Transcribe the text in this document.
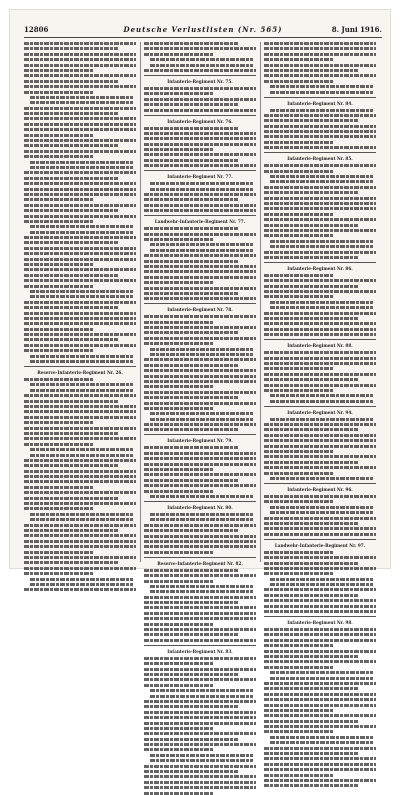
12806	Deutsche Verlustlisten (Nr. 565)	8. Juni 1916.
Reserve-Infanterie-Regiment Nr. 26.
Infanterie-Regiment Nr. 75.
Infanterie-Regiment Nr. 76.
Infanterie-Regiment Nr. 77.
Landwehr-Infanterie-Regiment Nr. 77.
Infanterie-Regiment Nr. 78.
Infanterie-Regiment Nr. 79.
Infanterie-Regiment Nr. 80.
Reserve-Infanterie-Regiment Nr. 82.
Infanterie-Regiment Nr. 83.
Infanterie-Regiment Nr. 84.
Infanterie-Regiment Nr. 85.
Infanterie-Regiment Nr. 86.
Infanterie-Regiment Nr. 88.
Infanterie-Regiment Nr. 94.
Infanterie-Regiment Nr. 96.
Landwehr-Infanterie-Regiment Nr. 97.
Infanterie-Regiment Nr. 98.
